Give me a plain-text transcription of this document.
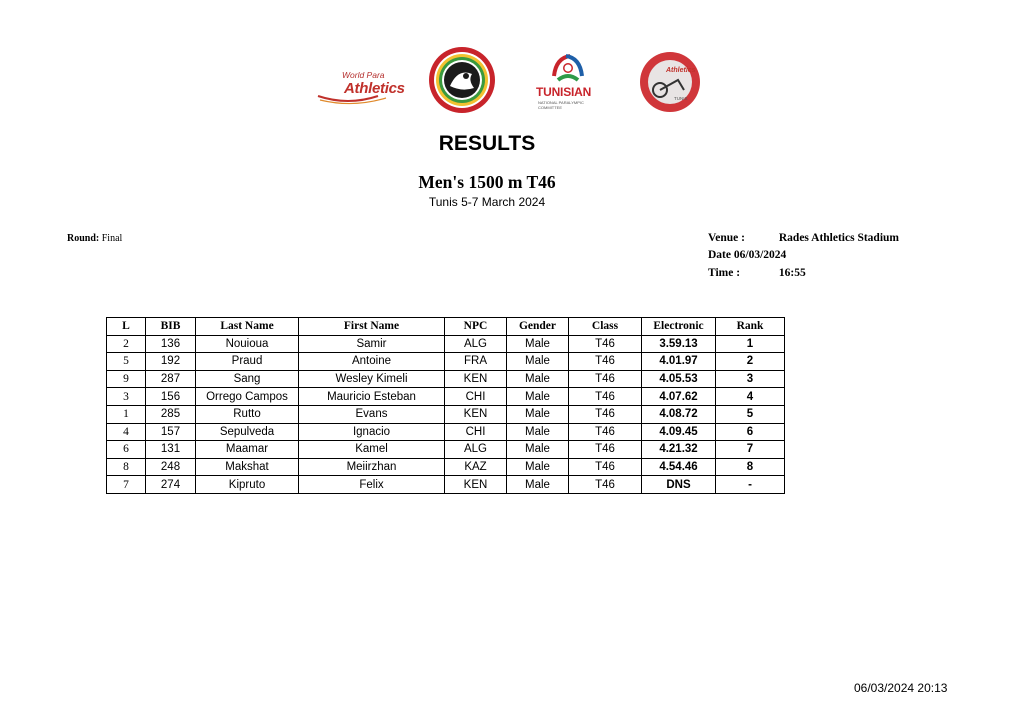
World Para
Athletics	TUNISIAN
NATIONAL PARALYMPIC COMMITTEE
Athletics
TUNIS
RESULTS
Men's 1500 m T46
Tunis 5-7 March 2024
Round: Final	Venue :	Rades Athletics Stadium
Date 06/03/2024
Time :	16:55
L	BIB	Last Name	First Name	NPC	Gender	Class	Electronic	Rank
2	136	Nouioua	Samir	ALG	Male	T46	3.59.13	1
5	192	Praud	Antoine	FRA	Male	T46	4.01.97	2
9	287	Sang	Wesley Kimeli	KEN	Male	T46	4.05.53	3
3	156	Orrego Campos	Mauricio Esteban	CHI	Male	T46	4.07.62	4
1	285	Rutto	Evans	KEN	Male	T46	4.08.72	5
4	157	Sepulveda	Ignacio	CHI	Male	T46	4.09.45	6
6	131	Maamar	Kamel	ALG	Male	T46	4.21.32	7
8	248	Makshat	Meiirzhan	KAZ	Male	T46	4.54.46	8
7	274	Kipruto	Felix	KEN	Male	T46	DNS	-
06/03/2024 20:13
